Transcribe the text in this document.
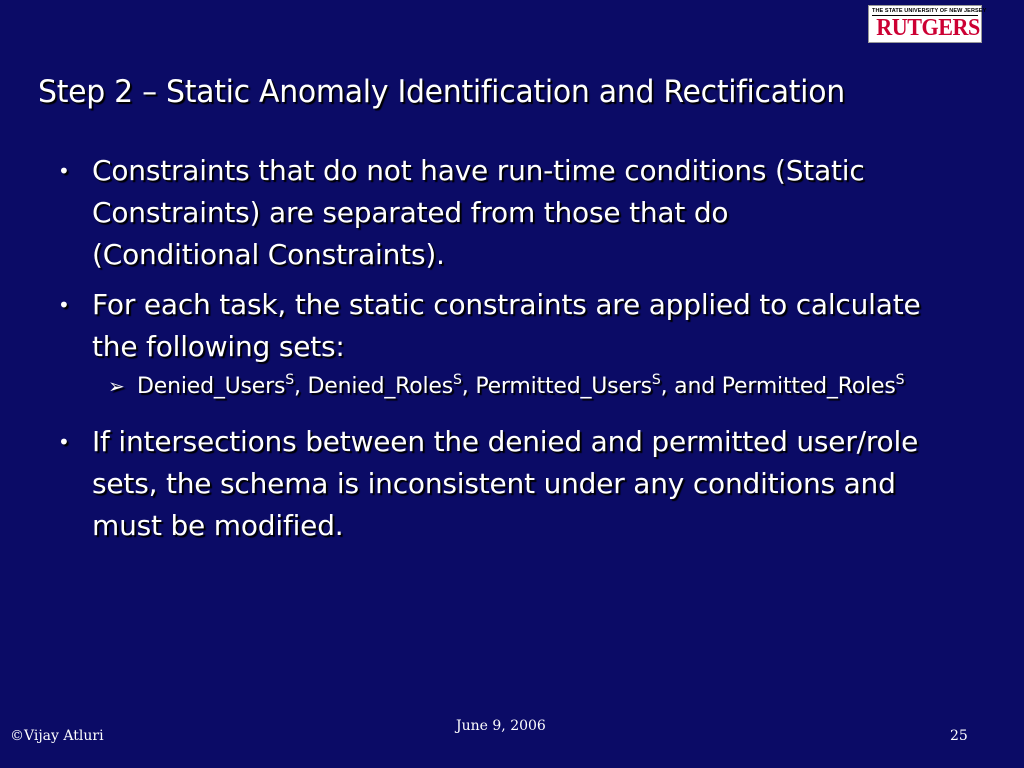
THE STATE UNIVERSITY OF NEW JERSEY
RUTGERS
Step 2 – Static Anomaly Identification and Rectification
• Constraints that do not have run-time conditions (Static Constraints) are separated from those that do (Conditional Constraints).
• For each task, the static constraints are applied to calculate the following sets:
➢ Denied_Users$^S$, Denied_Roles$^S$, Permitted_Users$^S$, and Permitted_Roles$^S$
• If intersections between the denied and permitted user/role sets, the schema is inconsistent under any conditions and must be modified.
©Vijay Atluri
June 9, 2006
25
